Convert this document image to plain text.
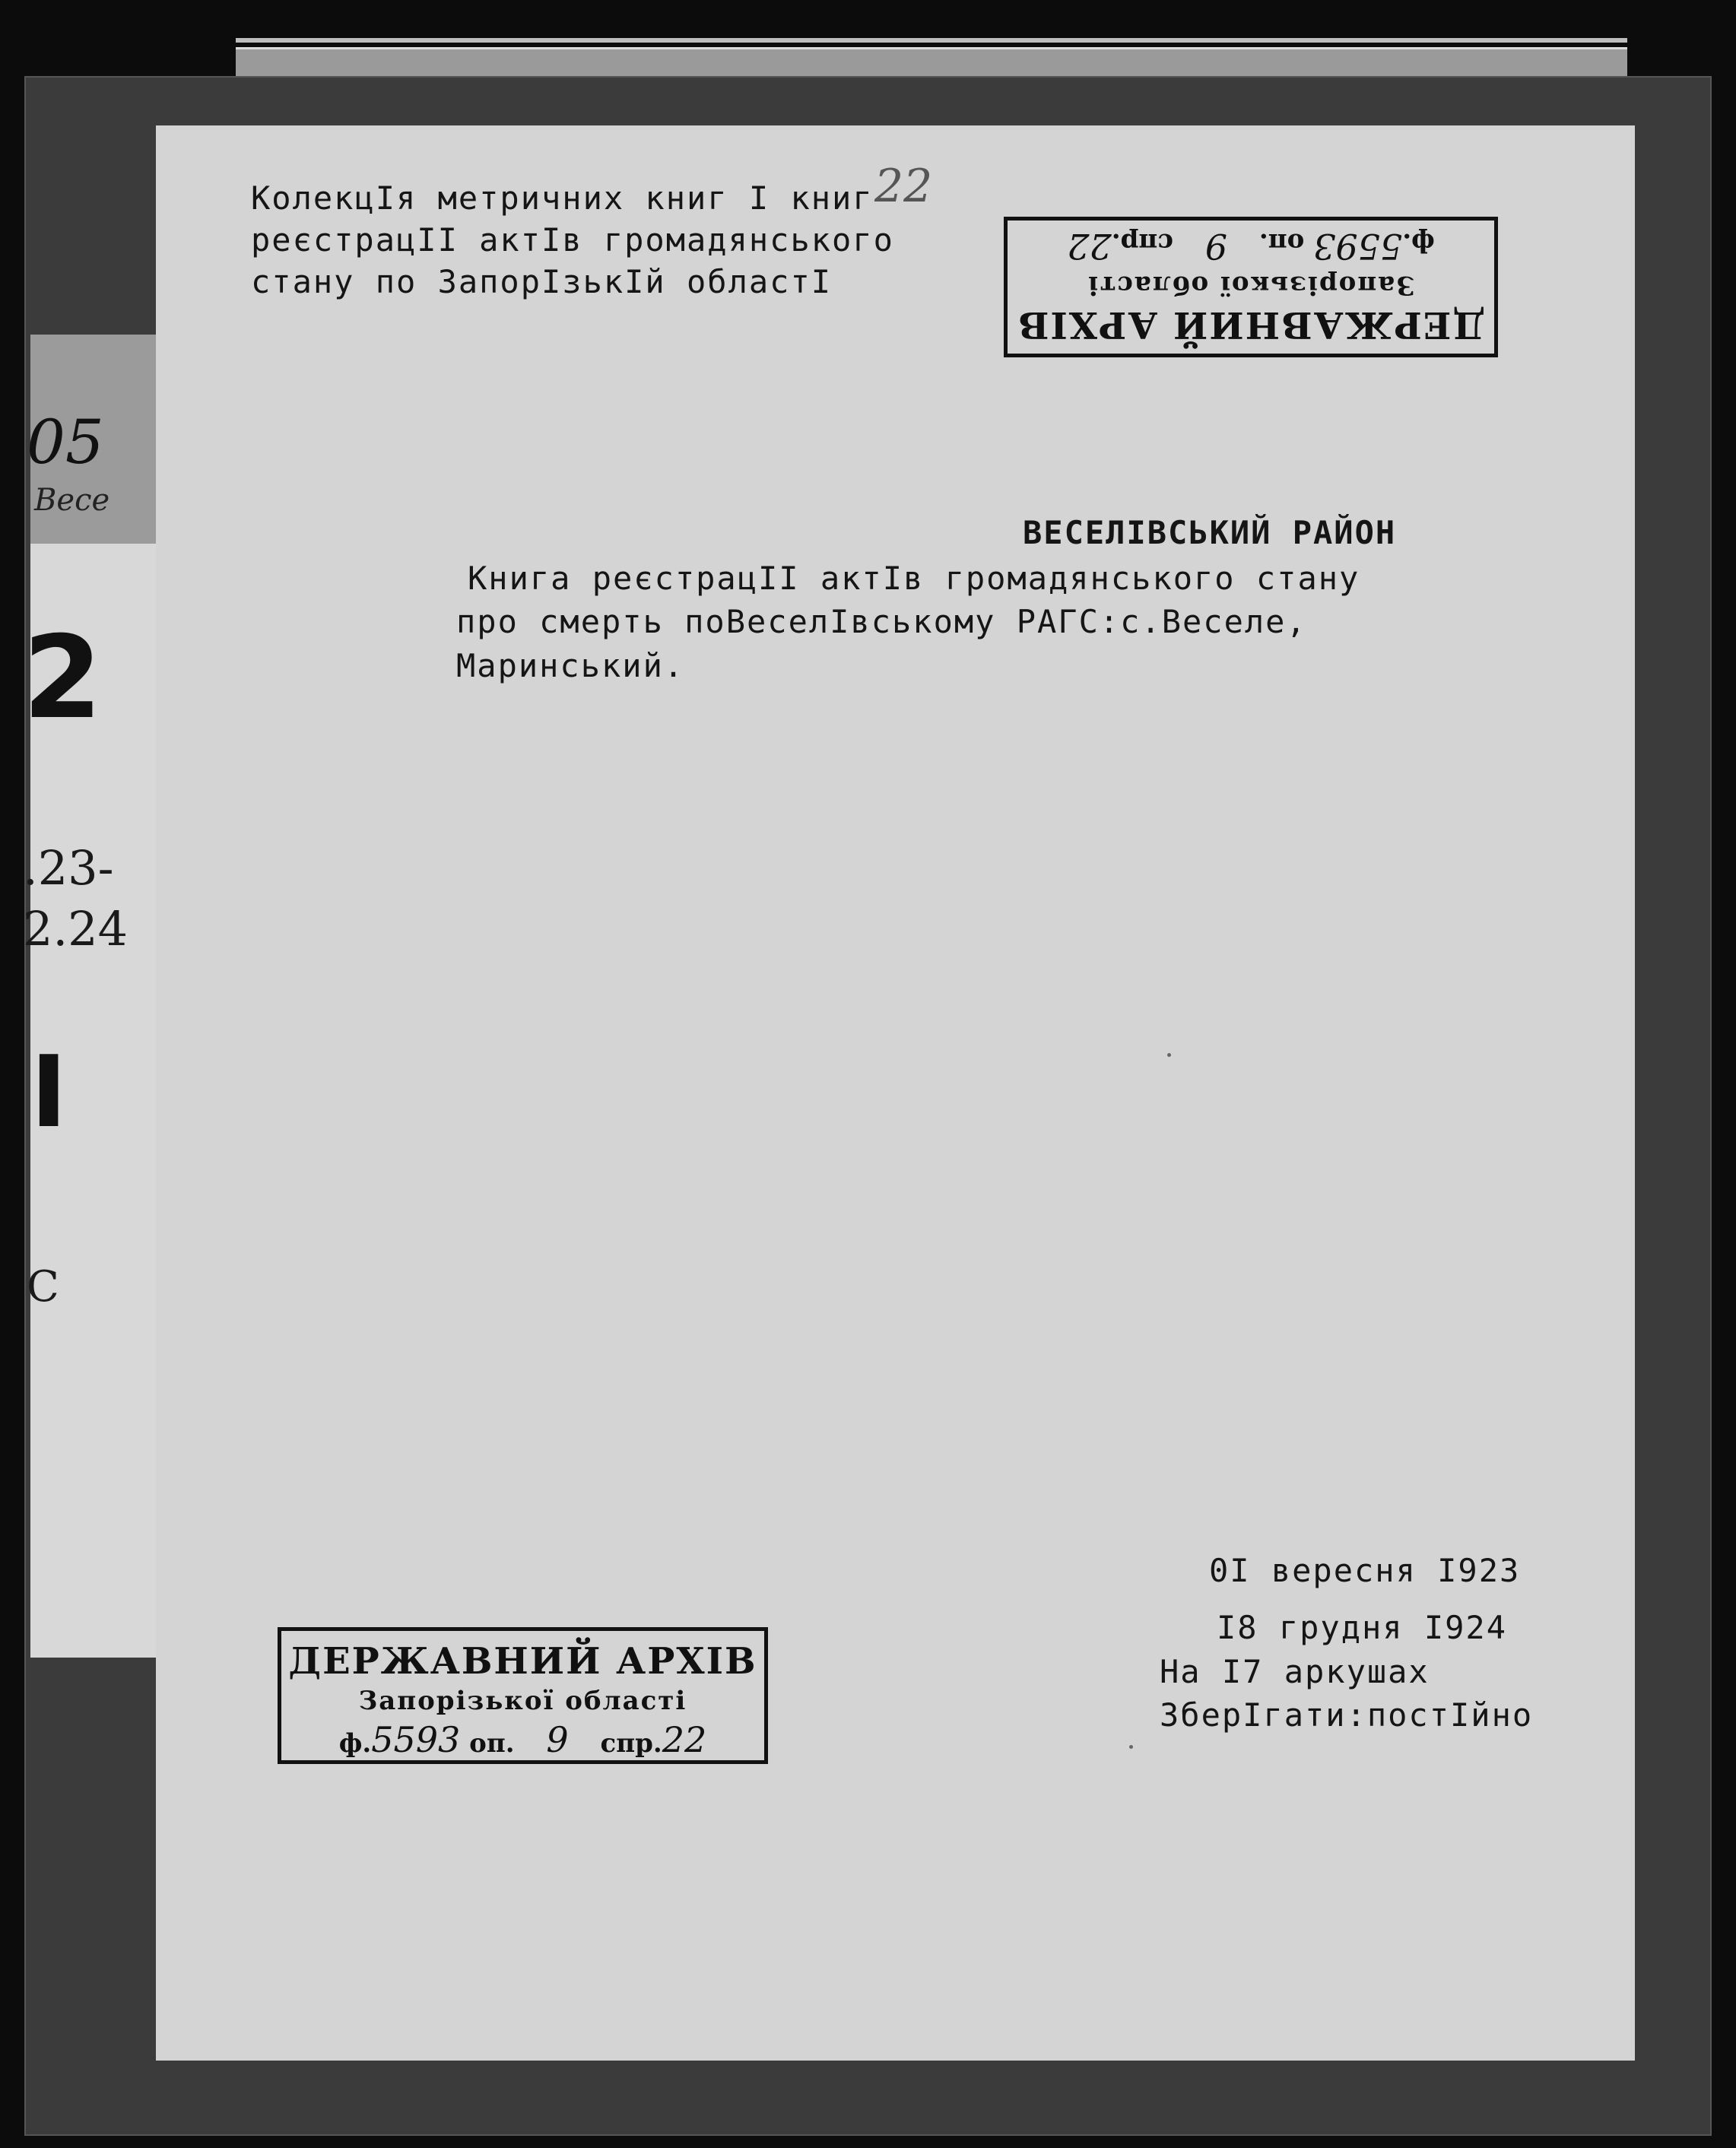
05
Весе
2
.23-
2.24
І
С
КолекцІя метричних книг І книг
реєстрацІІ актІв громадянського
стану по ЗапорІзькІй областІ
22
ДЕРЖАВНИЙ АРХІВ
Запорізької області
ф.5593 оп. 9 спр.22
ВЕСЕЛІВСЬКИЙ РАЙОН
Книга реєстрацІІ актІв громадянського стану
про смерть поВеселІвському РАГС:с.Веселе,
Маринський.
0І вересня І923
І8 грудня І924
На І7 аркушах
ЗберІгати:постІйно
ДЕРЖАВНИЙ АРХІВ
Запорізької області
ф.5593 оп. 9 спр.22
